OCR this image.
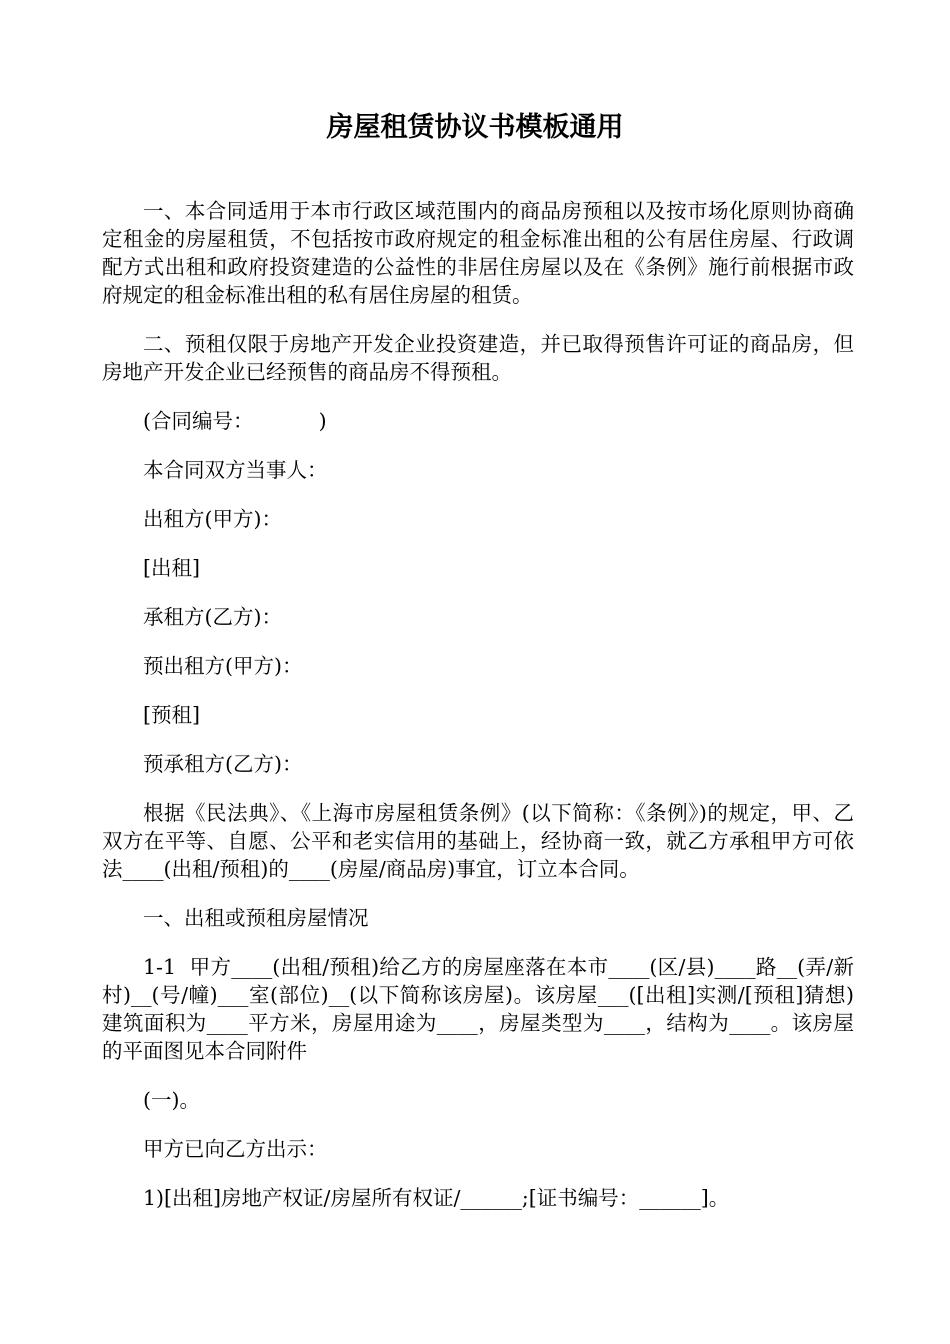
房屋租赁协议书模板通用

一、本合同适用于本市行政区域范围内的商品房预租以及按市场化原则协商确定租金的房屋租赁，不包括按市政府规定的租金标准出租的公有居住房屋、行政调配方式出租和政府投资建造的公益性的非居住房屋以及在《条例》施行前根据市政府规定的租金标准出租的私有居住房屋的租赁。

二、预租仅限于房地产开发企业投资建造，并已取得预售许可证的商品房，但房地产开发企业已经预售的商品房不得预租。

(合同编号：          )

本合同双方当事人：

出租方(甲方)：

[出租]

承租方(乙方)：

预出租方(甲方)：

[预租]

预承租方(乙方)：

根据《民法典》、《上海市房屋租赁条例》(以下简称：《条例》)的规定，甲、乙双方在平等、自愿、公平和老实信用的基础上，经协商一致，就乙方承租甲方可依法____(出租/预租)的____(房屋/商品房)事宜，订立本合同。

一、出租或预租房屋情况

1-1  甲方____(出租/预租)给乙方的房屋座落在本市____(区/县)____路__(弄/新村)__(号/幢)___室(部位)__(以下简称该房屋)。该房屋___([出租]实测/[预租]猜想)建筑面积为____平方米，房屋用途为____，房屋类型为____，结构为____。该房屋的平面图见本合同附件

(一)。

甲方已向乙方出示：

1)[出租]房地产权证/房屋所有权证/______;[证书编号：______]。
